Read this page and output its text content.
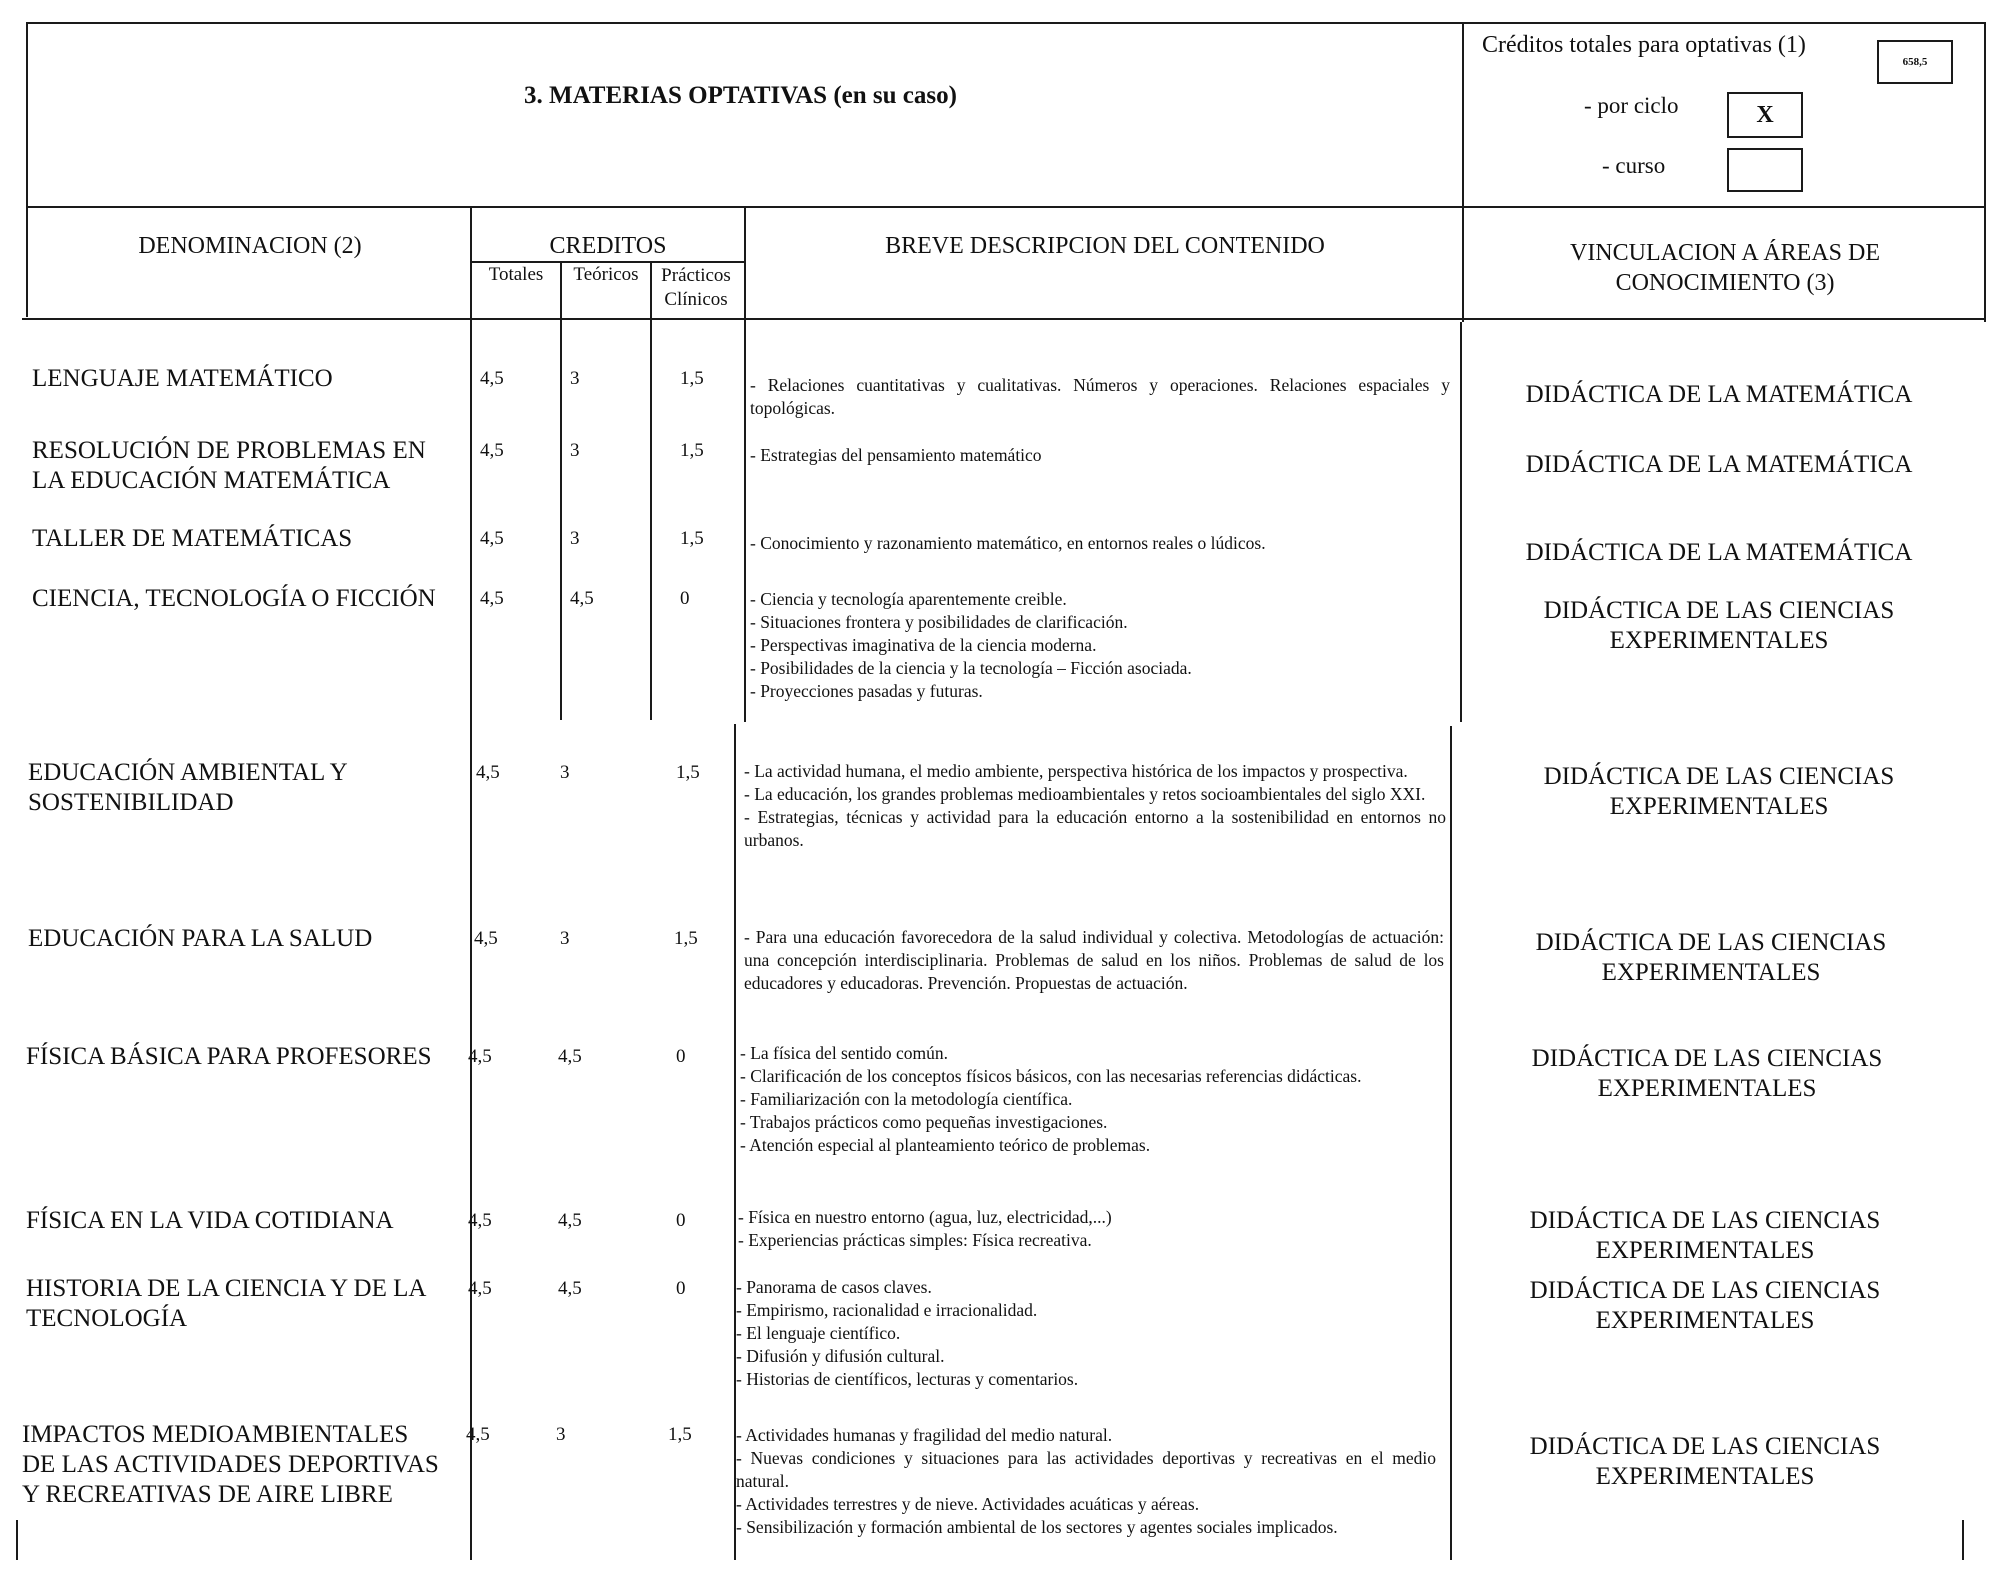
3. MATERIAS OPTATIVAS (en su caso)
Créditos totales para optativas (1)
658,5
- por ciclo	X
- curso
DENOMINACION (2)	CREDITOS
Totales	Teóricos	Prácticos Clínicos
BREVE DESCRIPCION DEL CONTENIDO	VINCULACION A ÁREAS DE CONOCIMIENTO (3)
LENGUAJE MATEMÁTICO	4,5	3	1,5	- Relaciones cuantitativas y cualitativas. Números y operaciones. Relaciones espaciales y topológicas.	DIDÁCTICA DE LA MATEMÁTICA
RESOLUCIÓN DE PROBLEMAS EN LA EDUCACIÓN MATEMÁTICA
4,5	3	1,5	- Estrategias del pensamiento matemático	DIDÁCTICA DE LA MATEMÁTICA
TALLER DE MATEMÁTICAS	4,5	3	1,5	- Conocimiento y razonamiento matemático, en entornos reales o lúdicos.	DIDÁCTICA DE LA MATEMÁTICA
CIENCIA, TECNOLOGÍA O FICCIÓN	4,5	4,5	0	- Ciencia y tecnología aparentemente creible.
- Situaciones frontera y posibilidades de clarificación.
- Perspectivas imaginativa de la ciencia moderna.
- Posibilidades de la ciencia y la tecnología – Ficción asociada.
- Proyecciones pasadas y futuras.
DIDÁCTICA DE LAS CIENCIAS EXPERIMENTALES
EDUCACIÓN AMBIENTAL Y SOSTENIBILIDAD
4,5	3	1,5	- La actividad humana, el medio ambiente, perspectiva histórica de los impactos y prospectiva.
- La educación, los grandes problemas medioambientales y retos socioambientales del siglo XXI.
- Estrategias, técnicas y actividad para la educación entorno a la sostenibilidad en entornos no urbanos.
DIDÁCTICA DE LAS CIENCIAS EXPERIMENTALES
EDUCACIÓN PARA LA SALUD	4,5	3	1,5	- Para una educación favorecedora de la salud individual y colectiva. Metodologías de actuación: una concepción interdisciplinaria. Problemas de salud en los niños. Problemas de salud de los educadores y educadoras. Prevención. Propuestas de actuación.
DIDÁCTICA DE LAS CIENCIAS EXPERIMENTALES
FÍSICA BÁSICA PARA PROFESORES	4,5	4,5	0	- La física del sentido común.
- Clarificación de los conceptos físicos básicos, con las necesarias referencias didácticas.
- Familiarización con la metodología científica.
- Trabajos prácticos como pequeñas investigaciones.
- Atención especial al planteamiento teórico de problemas.
DIDÁCTICA DE LAS CIENCIAS EXPERIMENTALES
FÍSICA EN LA VIDA COTIDIANA	4,5	4,5	0	- Física en nuestro entorno (agua, luz, electricidad,...)
- Experiencias prácticas simples: Física recreativa.
DIDÁCTICA DE LAS CIENCIAS EXPERIMENTALES
HISTORIA DE LA CIENCIA Y DE LA TECNOLOGÍA
4,5	4,5	0	- Panorama de casos claves.
- Empirismo, racionalidad e irracionalidad.
- El lenguaje científico.
- Difusión y difusión cultural.
- Historias de científicos, lecturas y comentarios.
DIDÁCTICA DE LAS CIENCIAS EXPERIMENTALES
IMPACTOS MEDIOAMBIENTALES DE LAS ACTIVIDADES DEPORTIVAS Y RECREATIVAS DE AIRE LIBRE
4,5	3	1,5	- Actividades humanas y fragilidad del medio natural.
- Nuevas condiciones y situaciones para las actividades deportivas y recreativas en el medio natural.
- Actividades terrestres y de nieve. Actividades acuáticas y aéreas.
- Sensibilización y formación ambiental de los sectores y agentes sociales implicados.
DIDÁCTICA DE LAS CIENCIAS EXPERIMENTALES
